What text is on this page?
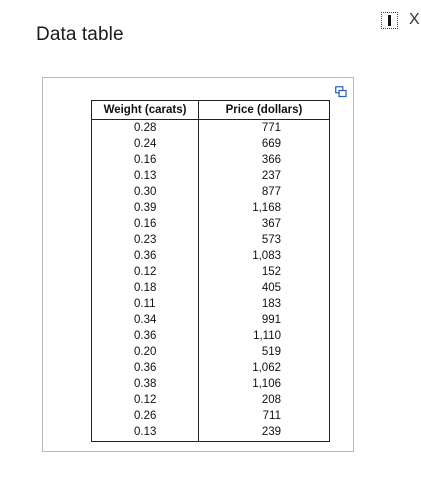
Data table
X
Weight (carats)	Price (dollars)
0.28	771
0.24	669
0.16	366
0.13	237
0.30	877
0.39	1,168
0.16	367
0.23	573
0.36	1,083
0.12	152
0.18	405
0.11	183
0.34	991
0.36	1,110
0.20	519
0.36	1,062
0.38	1,106
0.12	208
0.26	711
0.13	239
